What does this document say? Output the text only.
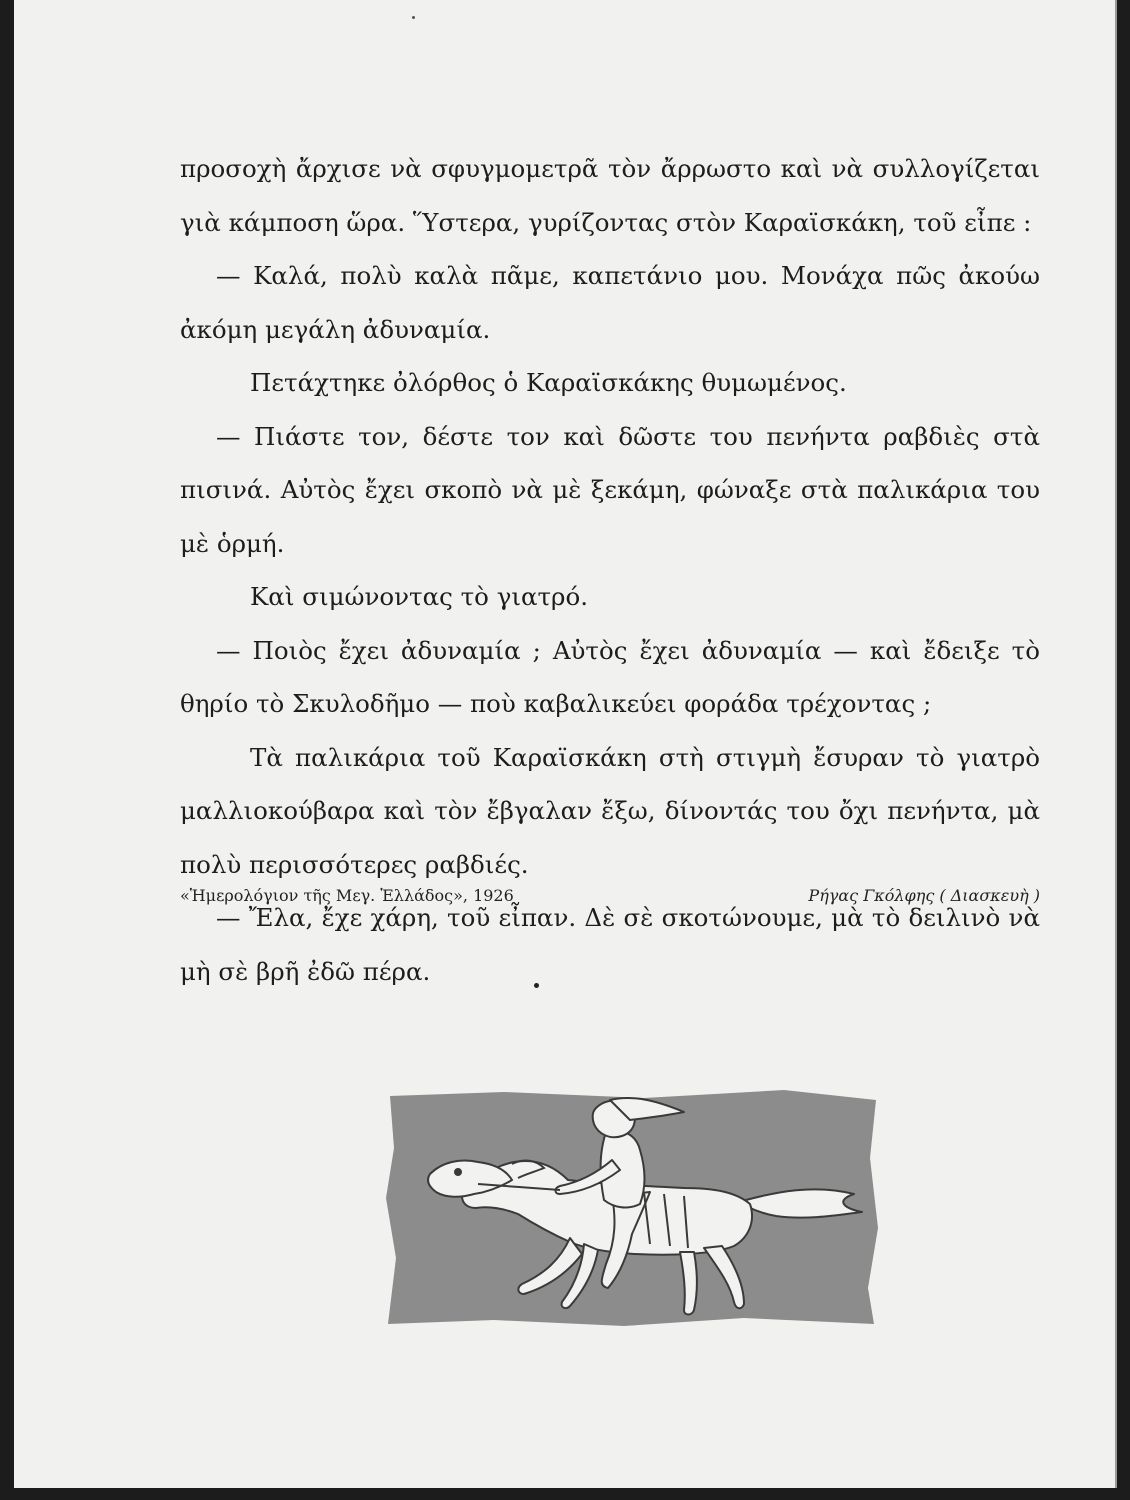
προσοχὴ ἄρχισε νὰ σφυγμομετρᾶ τὸν ἄρρωστο καὶ νὰ συλλογίζεται γιὰ κάμποση ὥρα. Ὕστερα, γυρίζοντας στὸν Καραϊσκάκη, τοῦ εἶπε :

— Καλά, πολὺ καλὰ πᾶμε, καπετάνιο μου. Μονάχα πῶς ἀκούω ἀκόμη μεγάλη ἀδυναμία.

Πετάχτηκε ὀλόρθος ὁ Καραϊσκάκης θυμωμένος.

— Πιάστε τον, δέστε τον καὶ δῶστε του πενήντα ραβδιὲς στὰ πισινά. Αὐτὸς ἔχει σκοπὸ νὰ μὲ ξεκάμη, φώναξε στὰ παλικάρια του μὲ ὁρμή.

Καὶ σιμώνοντας τὸ γιατρό.

— Ποιὸς ἔχει ἀδυναμία ; Αὐτὸς ἔχει ἀδυναμία — καὶ ἔδειξε τὸ θηρίο τὸ Σκυλοδῆμο — ποὺ καβαλικεύει φοράδα τρέχοντας ;

Τὰ παλικάρια τοῦ Καραϊσκάκη στὴ στιγμὴ ἔσυραν τὸ γιατρὸ μαλλιοκούβαρα καὶ τὸν ἔβγαλαν ἔξω, δίνοντάς του ὄχι πενήντα, μὰ πολὺ περισσότερες ραβδιές.

— Ἔλα, ἔχε χάρη, τοῦ εἶπαν. Δὲ σὲ σκοτώνουμε, μὰ τὸ δειλινὸ νὰ μὴ σὲ βρῆ ἐδῶ πέρα.

«Ἡμερολόγιον τῆς Μεγ. Ἑλλάδος», 1926	Ρήγας Γκόλφης ( Διασκευὴ )
